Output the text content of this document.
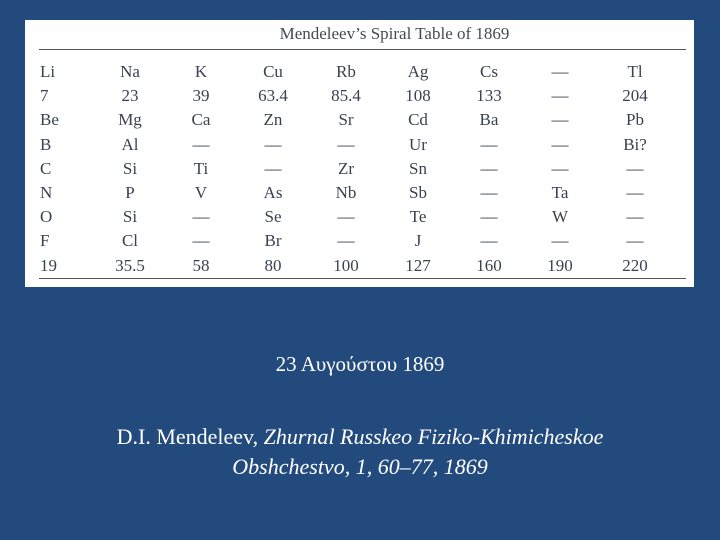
Mendeleev’s Spiral Table of 1869
Li	Na	K	Cu	Rb	Ag	Cs	—	Tl
7	23	39	63.4	85.4	108	133	—	204
Be	Mg	Ca	Zn	Sr	Cd	Ba	—	Pb
B	Al	—	—	—	Ur	—	—	Bi?
C	Si	Ti	—	Zr	Sn	—	—	—
N	P	V	As	Nb	Sb	—	Ta	—
O	Si	—	Se	—	Te	—	W	—
F	Cl	—	Br	—	J	—	—	—
19	35.5	58	80	100	127	160	190	220
23 Αυγούστου 1869
D.I. Mendeleev, Zhurnal Russkeo Fiziko-Khimicheskoe
Obshchestvo, 1, 60–77, 1869
